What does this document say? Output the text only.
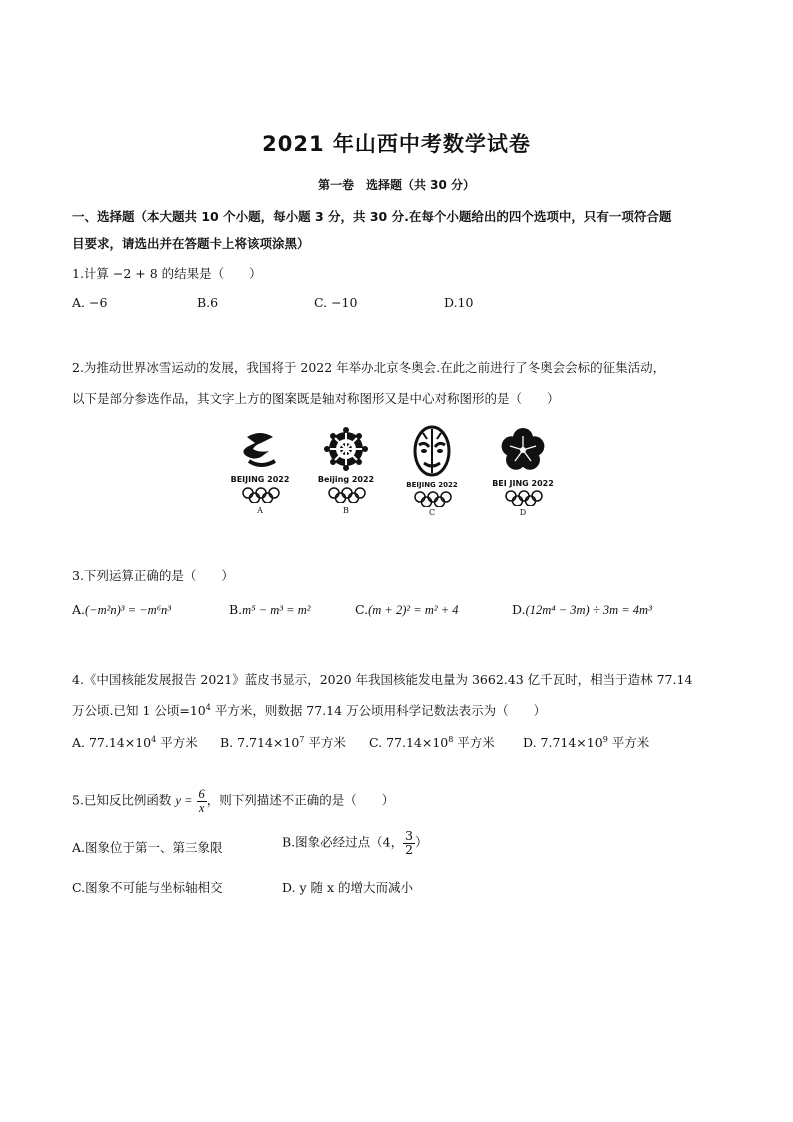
2021 年山西中考数学试卷
第一卷　选择题（共 30 分）
一、选择题（本大题共 10 个小题，每小题 3 分，共 30 分.在每个小题给出的四个选项中，只有一项符合题
目要求，请选出并在答题卡上将该项涂黑）
1.计算 −2 + 8 的结果是（　　）
A. −6	B.6	C. −10	D.10
2.为推动世界冰雪运动的发展，我国将于 2022 年举办北京冬奥会.在此之前进行了冬奥会会标的征集活动，
以下是部分参选作品，其文字上方的图案既是轴对称图形又是中心对称图形的是（　　）
BEIJING 2022
A
Beijing 2022
B
BEIJING 2022
C
BEI JING 2022
D
3.下列运算正确的是（　　）
A.(−m²n)³ = −m⁶n³	B.m⁵ − m³ = m²	C.(m + 2)² = m² + 4	D.(12m⁴ − 3m) ÷ 3m = 4m³
4.《中国核能发展报告 2021》蓝皮书显示，2020 年我国核能发电量为 3662.43 亿千瓦时，相当于造林 77.14
万公顷.已知 1 公顷$=10^4$ 平方米，则数据 77.14 万公顷用科学记数法表示为（　　）
A. $77.14\times 10^4$ 平方米 B. $7.714\times 10^7$ 平方米 C. $77.14\times 10^8$ 平方米 D. $7.714\times 10^9$ 平方米
5.已知反比例函数 $y = \frac{6}{x}$ ，则下列描述不正确的是（　　）
A.图象位于第一、第三象限	B.图象必经过点（4， $\frac{3}{2}$ ）
C.图象不可能与坐标轴相交	D. y 随 x 的增大而减小
